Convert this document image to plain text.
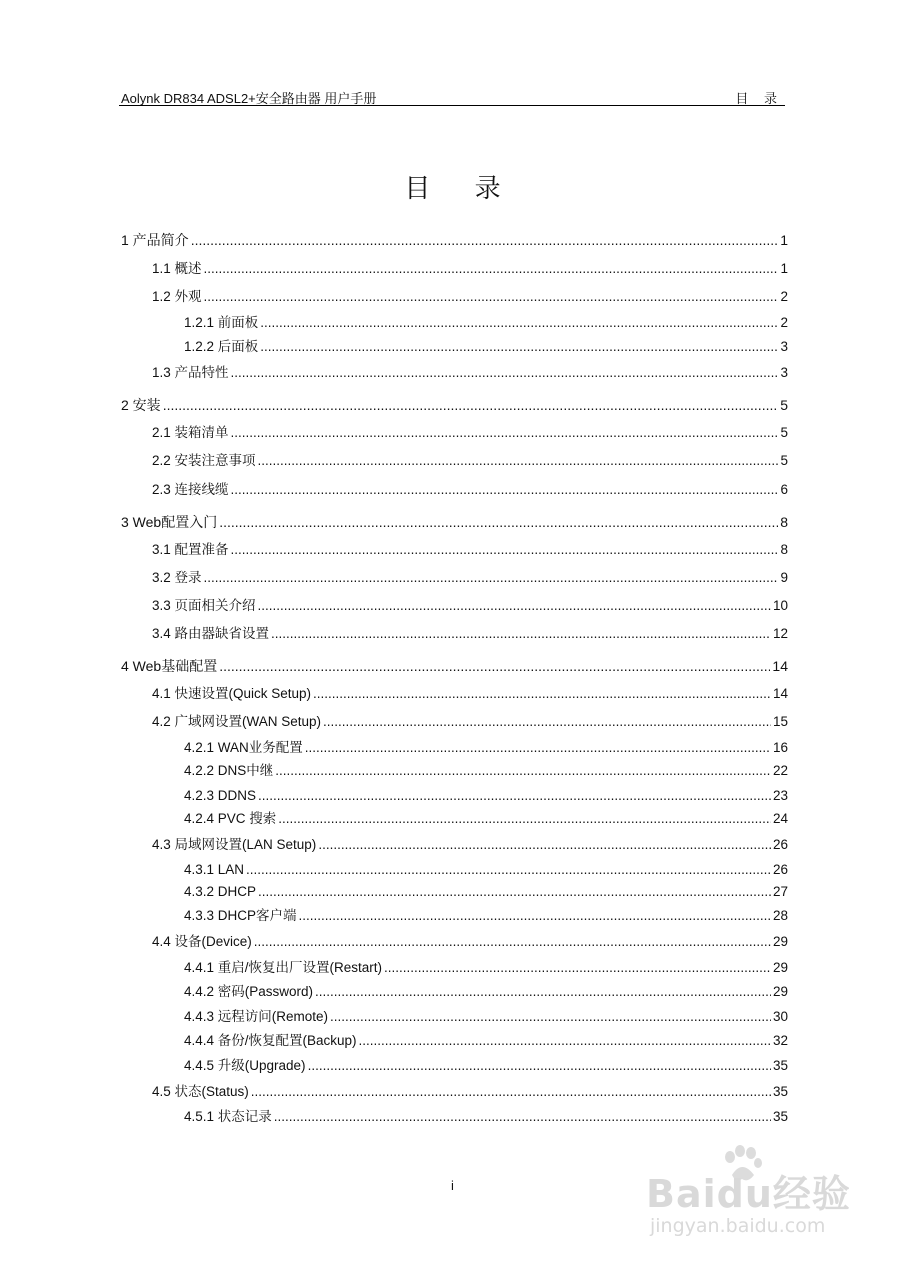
Aolynk DR834 ADSL2+安全路由器 用户手册	目 录
目 录
1 产品简介 .....	1
1.1 概述 .....	1
1.2 外观 .....	2
1.2.1 前面板 .....	2
1.2.2 后面板 .....	3
1.3 产品特性 .....	3
2 安装 .....	5
2.1 装箱清单 .....	5
2.2 安装注意事项 .....	5
2.3 连接线缆 .....	6
3 Web配置入门 .....	8
3.1 配置准备 .....	8
3.2 登录 .....	9
3.3 页面相关介绍 .....	10
3.4 路由器缺省设置 .....	12
4 Web基础配置 .....	14
4.1 快速设置(Quick Setup) .....	14
4.2 广域网设置(WAN Setup) .....	15
4.2.1 WAN业务配置 .....	16
4.2.2 DNS中继 .....	22
4.2.3 DDNS .....	23
4.2.4 PVC 搜索 .....	24
4.3 局域网设置(LAN Setup) .....	26
4.3.1 LAN .....	26
4.3.2 DHCP .....	27
4.3.3 DHCP客户端 .....	28
4.4 设备(Device) .....	29
4.4.1 重启/恢复出厂设置(Restart) .....	29
4.4.2 密码(Password) .....	29
4.4.3 远程访问(Remote) .....	30
4.4.4 备份/恢复配置(Backup) .....	32
4.4.5 升级(Upgrade) .....	35
4.5 状态(Status) .....	35
4.5.1 状态记录 .....	35
i	Baidu经验
jingyan.baidu.com
